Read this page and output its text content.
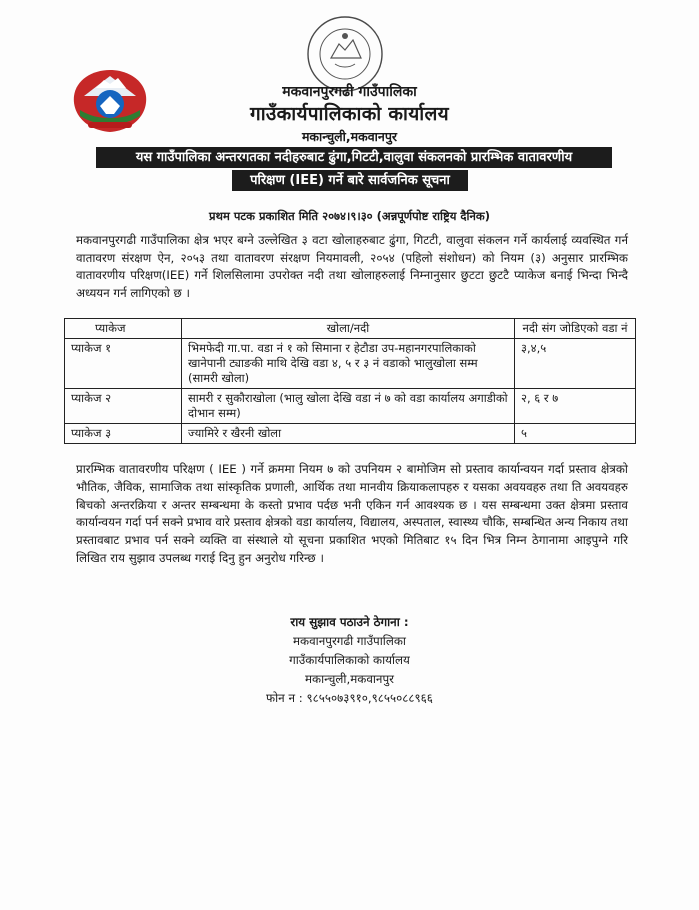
मकवानपुरगढी गाउँपालिका
गाउँकार्यपालिकाको कार्यालय
मकान्चुली,मकवानपुर
यस गाउँपालिका अन्तरगतका नदीहरुबाट ढुंगा,गिटटी,वालुवा संकलनको प्रारम्भिक वातावरणीय
परिक्षण (IEE) गर्ने बारे सार्वजनिक सूचना
प्रथम पटक प्रकाशित मिति २०७४।९।३० (अन्नपूर्णपोष्ट राष्ट्रिय दैनिक)
मकवानपुरगढी गाउँपालिका क्षेत्र भएर बग्ने उल्लेखित ३ वटा खोलाहरुबाट ढुंगा, गिटटी, वालुवा संकलन गर्ने कार्यलाई व्यवस्थित गर्न वातावरण संरक्षण ऐन, २०५३ तथा वातावरण संरक्षण नियमावली, २०५४ (पहिलो संशोधन) को नियम (३) अनुसार प्रारम्भिक वातावरणीय परिक्षण(IEE) गर्ने शिलसिलामा उपरोक्त नदी तथा खोलाहरुलाई निम्नानुसार छुटटा छुटटै प्याकेज बनाई भिन्दा भिन्दै अध्ययन गर्न लागिएको छ ।
प्याकेज	खोला/नदी	नदी संग जोडिएको वडा नं
प्याकेज १	भिमफेदी गा.पा. वडा नं १ को सिमाना र हेटौडा उप-महानगरपालिकाको खानेपानी ट्याङकी माथि देखि वडा ४, ५ र ३ नं वडाको भालुखोला सम्म (सामरी खोला)	३,४,५
प्याकेज २	सामरी र सुकौराखोला (भालु खोला देखि वडा नं ७ को वडा कार्यालय अगाडीको दोभान सम्म)	२, ६ र ७
प्याकेज ३	ज्यामिरे र खैरनी खोला	५
प्रारम्भिक वातावरणीय परिक्षण ( IEE ) गर्ने क्रममा नियम ७ को उपनियम २ बामोजिम सो प्रस्ताव कार्यान्वयन गर्दा प्रस्ताव क्षेत्रको भौतिक, जैविक, सामाजिक तथा सांस्कृतिक प्रणाली, आर्थिक तथा मानवीय क्रियाकलापहरु र यसका अवयवहरु तथा ति अवयवहरु बिचको अन्तरक्रिया र अन्तर सम्बन्धमा के कस्तो प्रभाव पर्दछ भनी एकिन गर्न आवश्यक छ । यस सम्बन्धमा उक्त क्षेत्रमा प्रस्ताव कार्यान्वयन गर्दा पर्न सक्ने प्रभाव वारे प्रस्ताव क्षेत्रको वडा कार्यालय, विद्यालय, अस्पताल, स्वास्थ्य चौकि, सम्बन्धित अन्य निकाय तथा प्रस्तावबाट प्रभाव पर्न सक्ने व्यक्ति वा संस्थाले यो सूचना प्रकाशित भएको मितिबाट १५ दिन भित्र निम्न ठेगानामा आइपुग्ने गरि लिखित राय सुझाव उपलब्ध गराई दिनु हुन अनुरोध गरिन्छ ।
राय सुझाव पठाउने ठेगाना :
मकवानपुरगढी गाउँपालिका
गाउँकार्यपालिकाको कार्यालय
मकान्चुली,मकवानपुर
फोन न : ९८५५०७३९१०,९८५५०८८९६६
